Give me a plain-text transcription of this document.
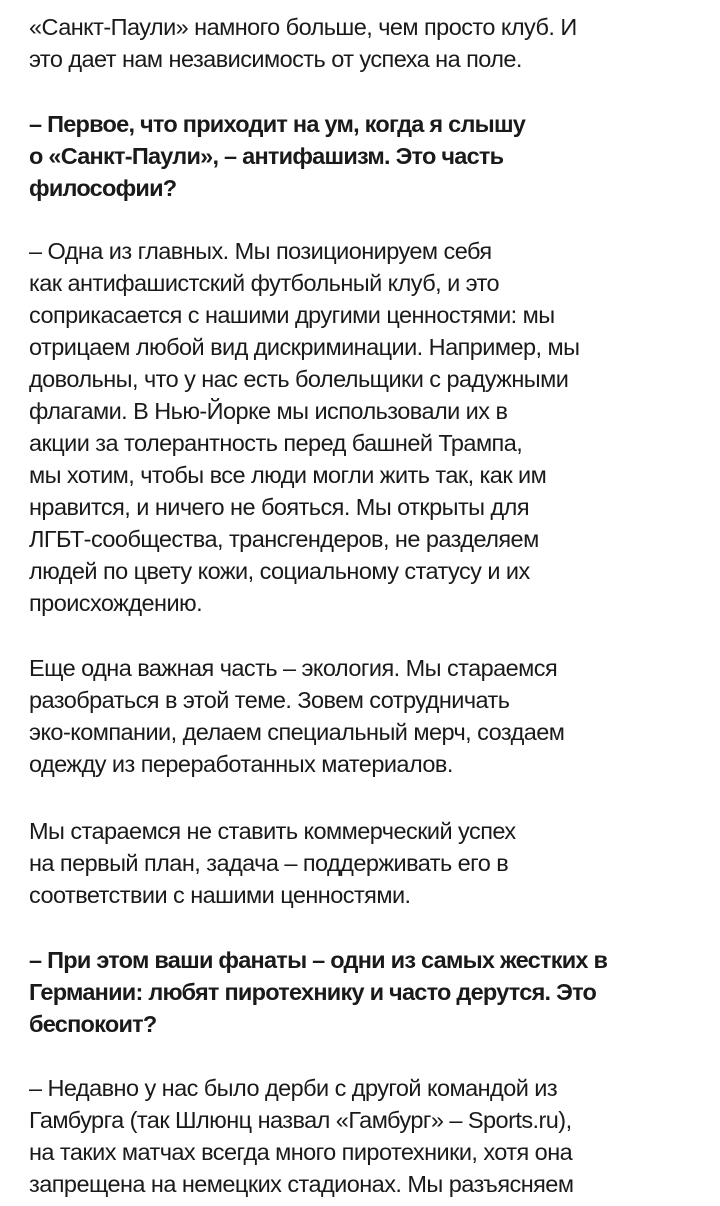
«Санкт-Паули» намного больше, чем просто клуб. И
это дает нам независимость от успеха на поле.
– Первое, что приходит на ум, когда я слышу
о «Санкт-Паули», – антифашизм. Это часть
философии?
– Одна из главных. Мы позиционируем себя
как антифашистский футбольный клуб, и это
соприкасается с нашими другими ценностями: мы
отрицаем любой вид дискриминации. Например, мы
довольны, что у нас есть болельщики с радужными
флагами. В Нью-Йорке мы использовали их в
акции за толерантность перед башней Трампа,
мы хотим, чтобы все люди могли жить так, как им
нравится, и ничего не бояться. Мы открыты для
ЛГБТ-сообщества, трансгендеров, не разделяем
людей по цвету кожи, социальному статусу и их
происхождению.
Еще одна важная часть – экология. Мы стараемся
разобраться в этой теме. Зовем сотрудничать
эко-компании, делаем специальный мерч, создаем
одежду из переработанных материалов.
Мы стараемся не ставить коммерческий успех
на первый план, задача – поддерживать его в
соответствии с нашими ценностями.
– При этом ваши фанаты – одни из самых жестких в
Германии: любят пиротехнику и часто дерутся. Это
беспокоит?
– Недавно у нас было дерби с другой командой из
Гамбурга (так Шлюнц назвал «Гамбург» – Sports.ru),
на таких матчах всегда много пиротехники, хотя она
запрещена на немецких стадионах. Мы разъясняем
